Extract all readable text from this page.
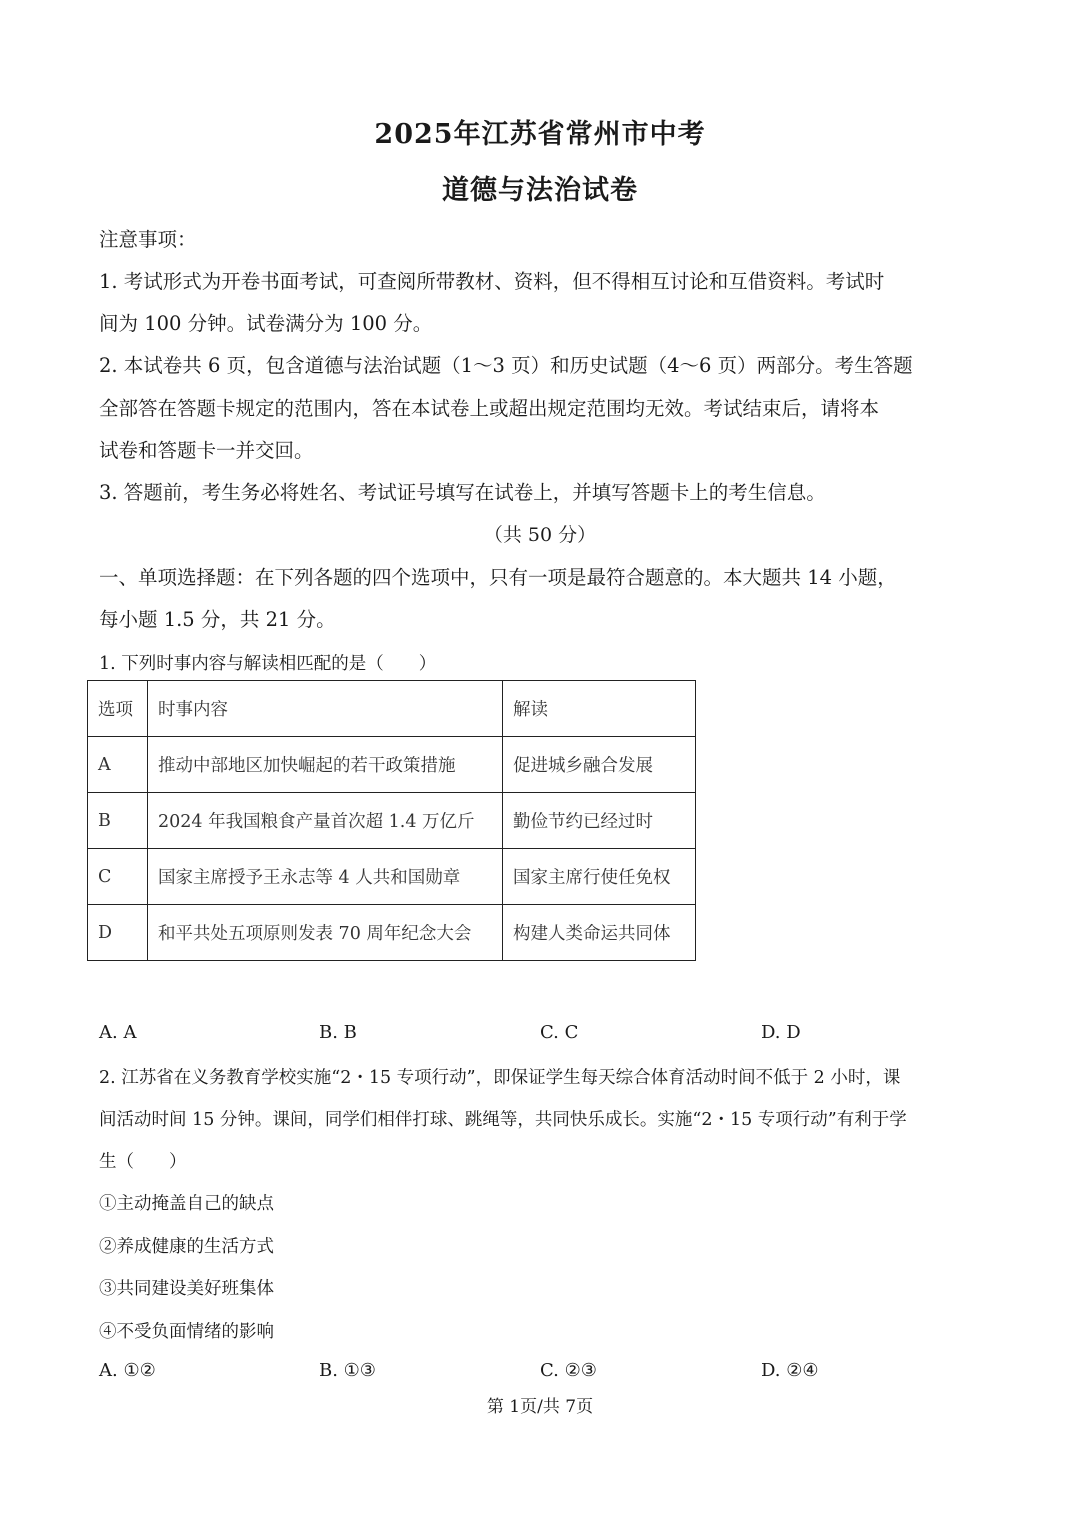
2025年江苏省常州市中考
道德与法治试卷
注意事项：
1. 考试形式为开卷书面考试，可查阅所带教材、资料，但不得相互讨论和互借资料。考试时
间为 100 分钟。试卷满分为 100 分。
2. 本试卷共 6 页，包含道德与法治试题（1～3 页）和历史试题（4～6 页）两部分。考生答题
全部答在答题卡规定的范围内，答在本试卷上或超出规定范围均无效。考试结束后，请将本
试卷和答题卡一并交回。
3. 答题前，考生务必将姓名、考试证号填写在试卷上，并填写答题卡上的考生信息。
（共 50 分）
一、单项选择题：在下列各题的四个选项中，只有一项是最符合题意的。本大题共 14 小题，
每小题 1.5 分，共 21 分。
1. 下列时事内容与解读相匹配的是（　　）
选项	时事内容	解读
A	推动中部地区加快崛起的若干政策措施	促进城乡融合发展
B	2024 年我国粮食产量首次超 1.4 万亿斤	勤俭节约已经过时
C	国家主席授予王永志等 4 人共和国勋章	国家主席行使任免权
D	和平共处五项原则发表 70 周年纪念大会	构建人类命运共同体
A. A	B. B	C. C	D. D
2. 江苏省在义务教育学校实施“2・15 专项行动”，即保证学生每天综合体育活动时间不低于 2 小时，课
间活动时间 15 分钟。课间，同学们相伴打球、跳绳等，共同快乐成长。实施“2・15 专项行动”有利于学
生（　　）
①主动掩盖自己的缺点
②养成健康的生活方式
③共同建设美好班集体
④不受负面情绪的影响
A. ①②	B. ①③	C. ②③	D. ②④
第 1页/共 7页
